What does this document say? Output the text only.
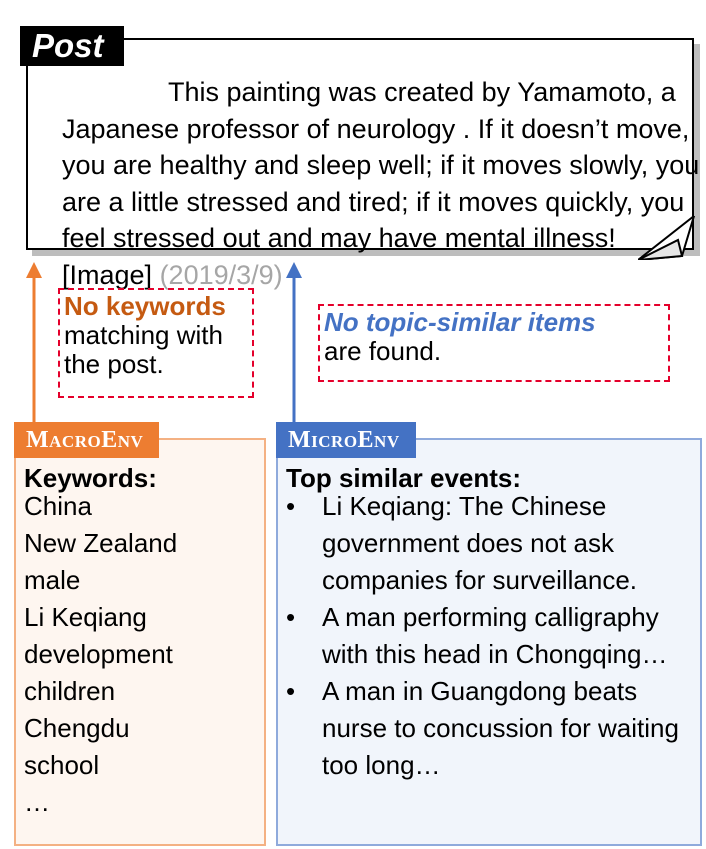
This painting was created by Yamamoto, a Japanese professor of neurology . If it doesn’t move, you are healthy and sleep well; if it moves slowly, you are a little stressed and tired; if it moves quickly, you feel stressed out and may have mental illness! [Image] (2019/3/9)
Post
No keywords
matching with the post.
No topic-similar items
are found.
MacroEnv
Keywords:
China
New Zealand
male
Li Keqiang
development
children
Chengdu
school
…
MicroEnv
Top similar events:
• Li Keqiang: The Chinese government does not ask companies for surveillance.
• A man performing calligraphy with this head in Chongqing…
• A man in Guangdong beats nurse to concussion for waiting too long…
